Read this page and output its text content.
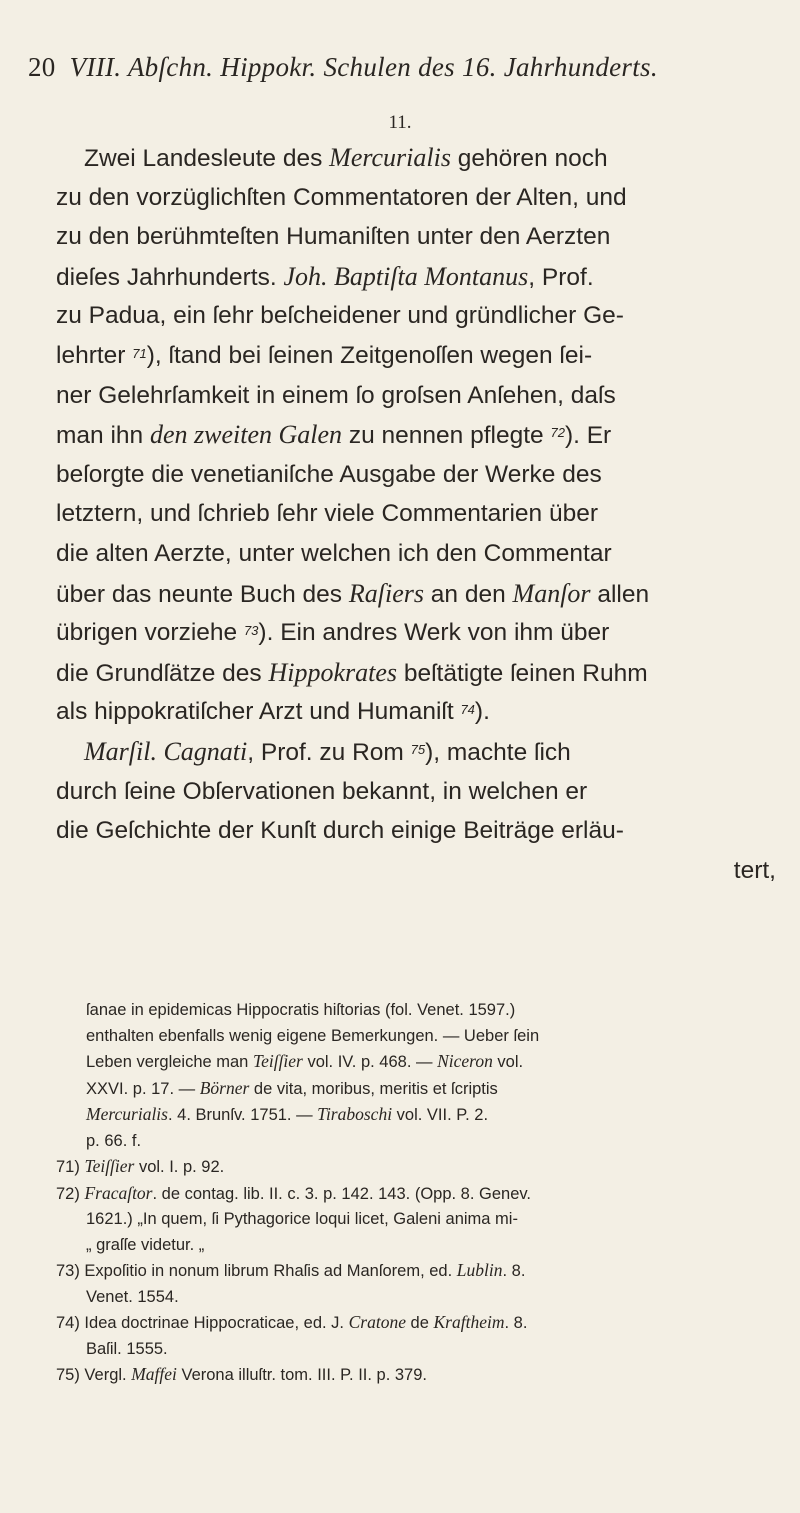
20 VIII. Abſchn. Hippokr. Schulen des 16. Jahrhunderts.
11.
Zwei Landesleute des Mercurialis gehören noch
zu den vorzüglichſten Commentatoren der Alten, und
zu den berühmteſten Humaniſten unter den Aerzten
dieſes Jahrhunderts. Joh. Baptiſta Montanus, Prof.
zu Padua, ein ſehr beſcheidener und gründlicher Ge-
lehrter $^{71}$), ſtand bei ſeinen Zeitgenoſſen wegen ſei-
ner Gelehrſamkeit in einem ſo groſsen Anſehen, daſs
man ihn den zweiten Galen zu nennen pflegte $^{72}$). Er
beſorgte die venetianiſche Ausgabe der Werke des
letztern, und ſchrieb ſehr viele Commentarien über
die alten Aerzte, unter welchen ich den Commentar
über das neunte Buch des Raſiers an den Manſor allen
übrigen vorziehe $^{73}$). Ein andres Werk von ihm über
die Grundſätze des Hippokrates beſtätigte ſeinen Ruhm
als hippokratiſcher Arzt und Humaniſt $^{74}$).
Marſil. Cagnati, Prof. zu Rom $^{75}$), machte ſich
durch ſeine Obſervationen bekannt, in welchen er
die Geſchichte der Kunſt durch einige Beiträge erläu-
tert,
ſanae in epidemicas Hippocratis hiſtorias (fol. Venet. 1597.)
enthalten ebenfalls wenig eigene Bemerkungen. — Ueber ſein
Leben vergleiche man Teiſſier vol. IV. p. 468. — Niceron vol.
XXVI. p. 17. — Börner de vita, moribus, meritis et ſcriptis
Mercurialis. 4. Brunſv. 1751. — Tiraboschi vol. VII. P. 2.
p. 66. f.
71) Teiſſier vol. I. p. 92.
72) Fracaſtor. de contag. lib. II. c. 3. p. 142. 143. (Opp. 8. Genev.
1621.) „In quem, ſi Pythagorice loqui licet, Galeni anima mi-
„ graſſe videtur. „
73) Expoſitio in nonum librum Rhaſis ad Manſorem, ed. Lublin. 8.
Venet. 1554.
74) Idea doctrinae Hippocraticae, ed. J. Cratone de Kraftheim. 8.
Baſil. 1555.
75) Vergl. Maffei Verona illuſtr. tom. III. P. II. p. 379.
